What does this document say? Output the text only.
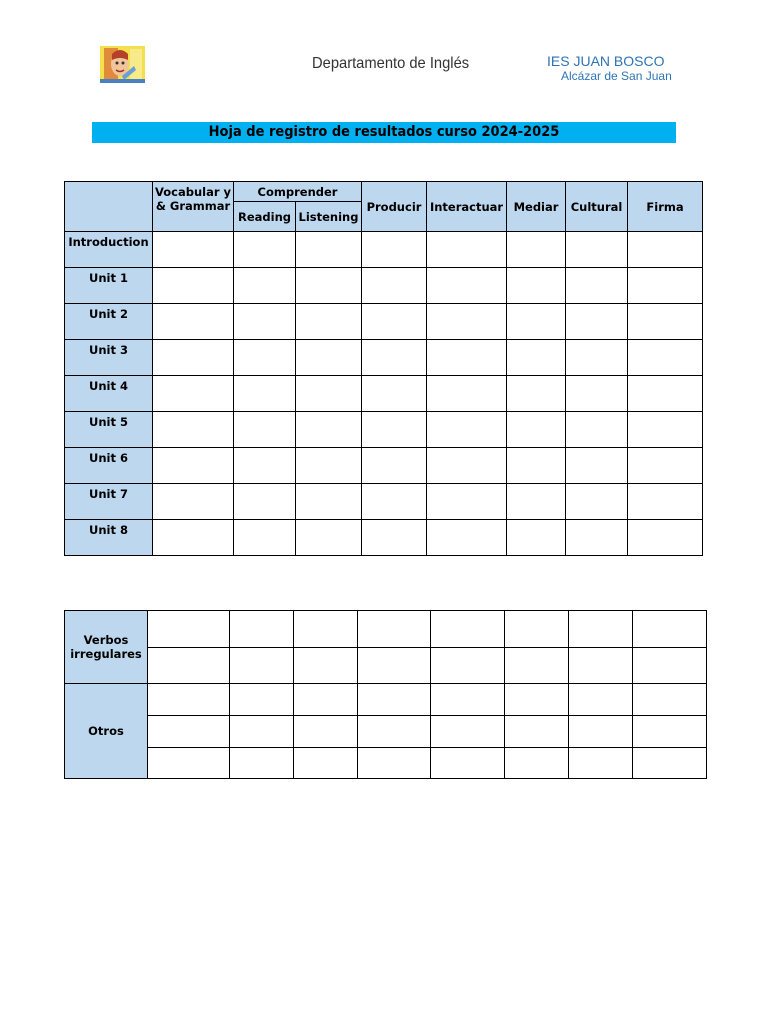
Departamento de Inglés	IES JUAN BOSCO
Alcázar de San Juan
Hoja de registro de resultados curso 2024-2025
	Vocabular y & Grammar	Comprender		Producir	Interactuar	Mediar	Cultural	Firma
		Reading	Listening					
Introduction								
Unit 1								
Unit 2								
Unit 3								
Unit 4								
Unit 5								
Unit 6								
Unit 7								
Unit 8								
Verbos irregulares								

Otros								
